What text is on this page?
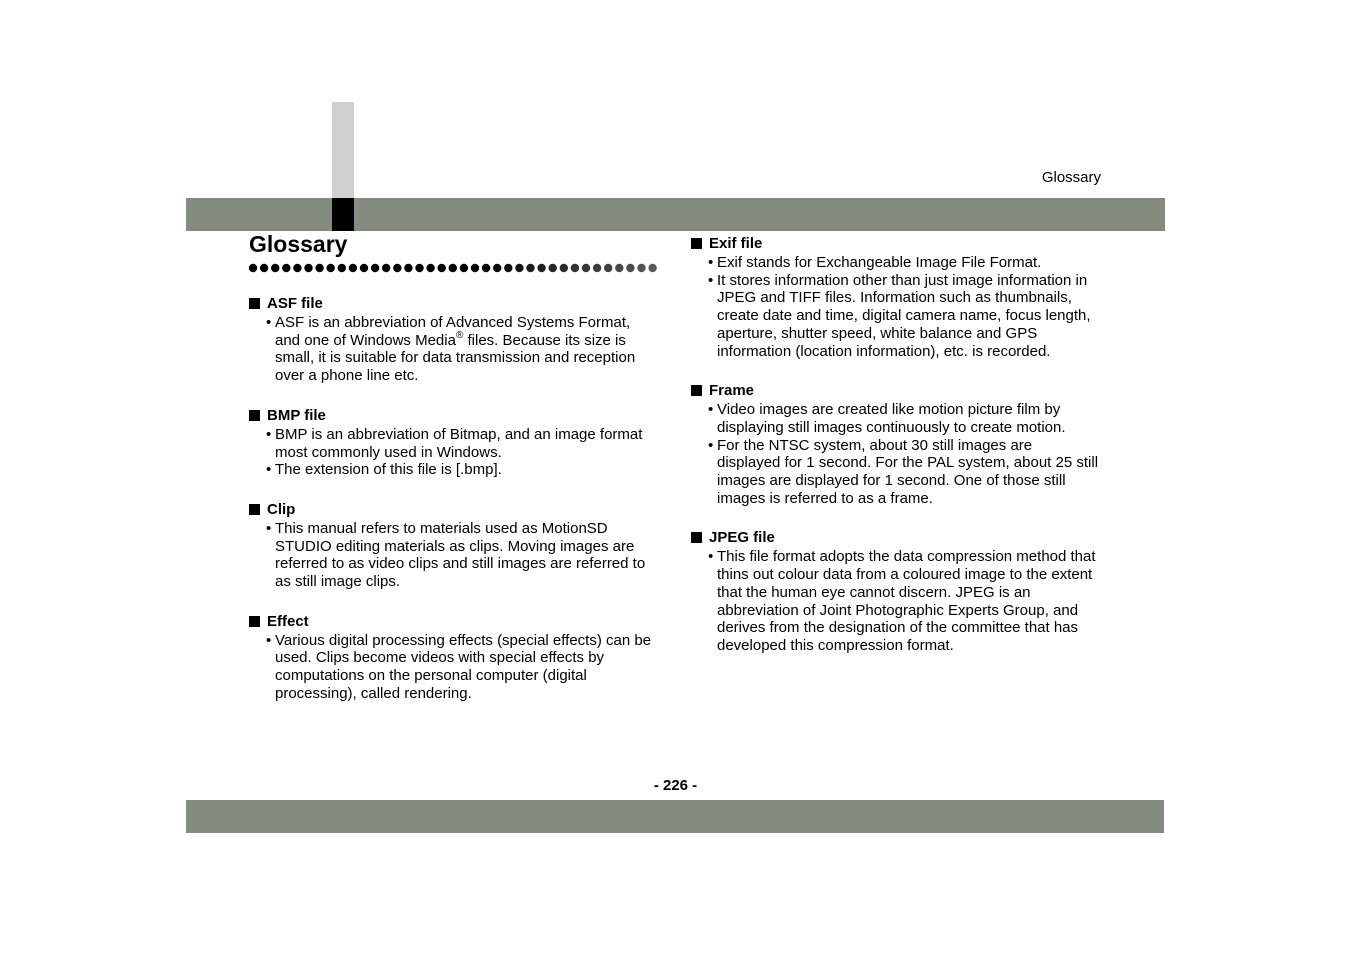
Glossary
Glossary
ASF file
• ASF is an abbreviation of Advanced Systems Format, and one of Windows Media® files. Because its size is small, it is suitable for data transmission and reception over a phone line etc.
BMP file
• BMP is an abbreviation of Bitmap, and an image format most commonly used in Windows.
• The extension of this file is [.bmp].
Clip
• This manual refers to materials used as MotionSD STUDIO editing materials as clips. Moving images are referred to as video clips and still images are referred to as still image clips.
Effect
• Various digital processing effects (special effects) can be used. Clips become videos with special effects by computations on the personal computer (digital processing), called rendering.
Exif file
• Exif stands for Exchangeable Image File Format.
• It stores information other than just image information in JPEG and TIFF files. Information such as thumbnails, create date and time, digital camera name, focus length, aperture, shutter speed, white balance and GPS information (location information), etc. is recorded.
Frame
• Video images are created like motion picture film by displaying still images continuously to create motion.
• For the NTSC system, about 30 still images are displayed for 1 second. For the PAL system, about 25 still images are displayed for 1 second. One of those still images is referred to as a frame.
JPEG file
• This file format adopts the data compression method that thins out colour data from a coloured image to the extent that the human eye cannot discern. JPEG is an abbreviation of Joint Photographic Experts Group, and derives from the designation of the committee that has developed this compression format.
- 226 -
